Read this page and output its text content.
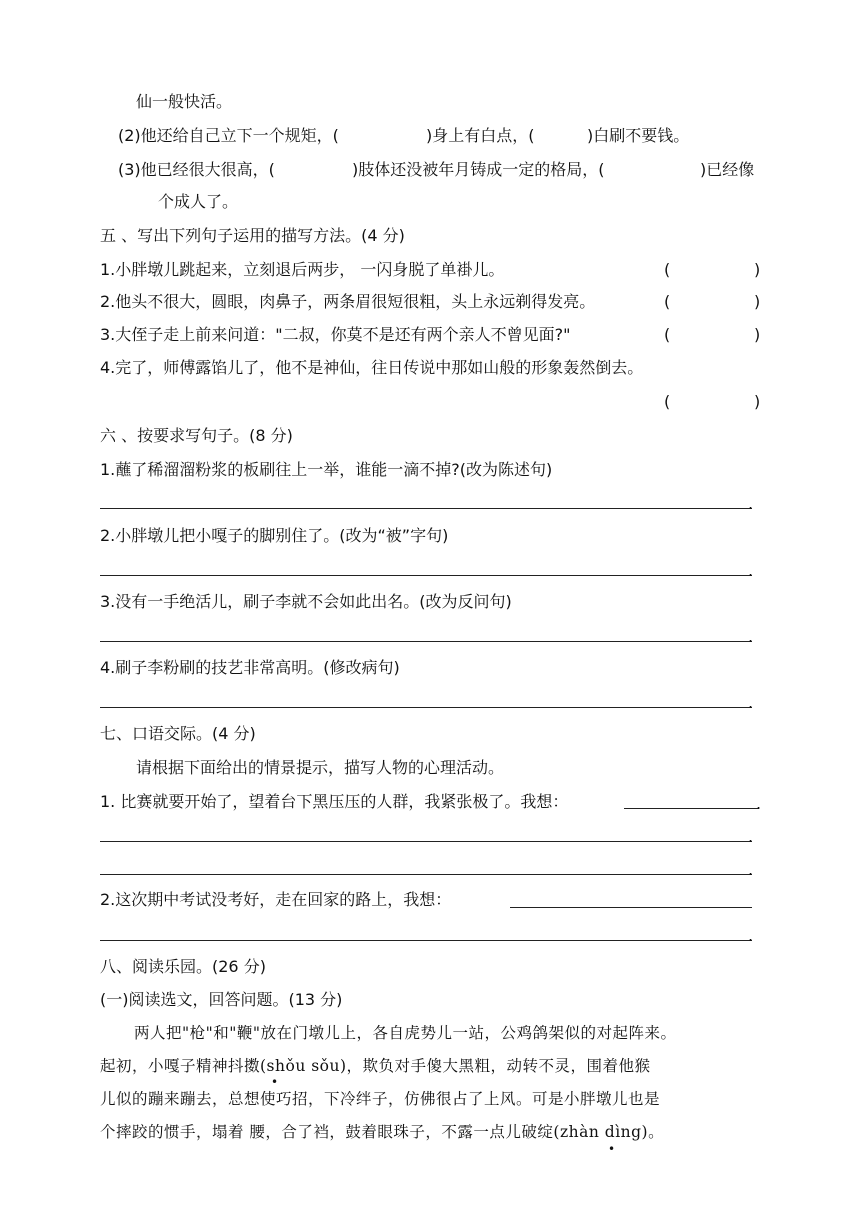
仙一般快活。
(2)他还给自己立下一个规矩，(	)身上有白点，(	)白刷不要钱。
(3)他已经很大很高，(	)肢体还没被年月铸成一定的格局，(	)已经像
个成人了。
五 、写出下列句子运用的描写方法。(4 分)
1.小胖墩儿跳起来，立刻退后两步， 一闪身脱了单褂儿。	(	)
2.他头不很大，圆眼，肉鼻子，两条眉很短很粗，头上永远剃得发亮。	(	)
3.大侄子走上前来问道："二叔，你莫不是还有两个亲人不曾见面?"	(	)
4.完了，师傅露馅儿了，他不是神仙，往日传说中那如山般的形象轰然倒去。
(	)
六 、按要求写句子。(8 分)
1.蘸了稀溜溜粉浆的板刷往上一举，谁能一滴不掉?(改为陈述句)
.
2.小胖墩儿把小嘎子的脚别住了。(改为“被”字句)
.
3.没有一手绝活儿，刷子李就不会如此出名。(改为反问句)
.
4.刷子李粉刷的技艺非常高明。(修改病句)
.
七、口语交际。(4 分)
请根据下面给出的情景提示，描写人物的心理活动。
1. 比赛就要开始了，望着台下黑压压的人群，我紧张极了。我想：	.
.
.
2.这次期中考试没考好，走在回家的路上，我想：
.
八、阅读乐园。(26 分)
(一)阅读选文，回答问题。(13 分)
两人把"枪"和"鞭"放在门墩儿上，各自虎势儿一站，公鸡鸽架似的对起阵来。
起初，小嘎子精神抖擞(shǒu sǒu)，欺负对手傻大黑粗，动转不灵，围着他猴
•
儿似的蹦来蹦去，总想使巧招，下冷绊子，仿佛很占了上风。可是小胖墩儿也是
个摔跤的惯手，塌着 腰，合了裆，鼓着眼珠子，不露一点儿破绽(zhàn dìng)。
•
